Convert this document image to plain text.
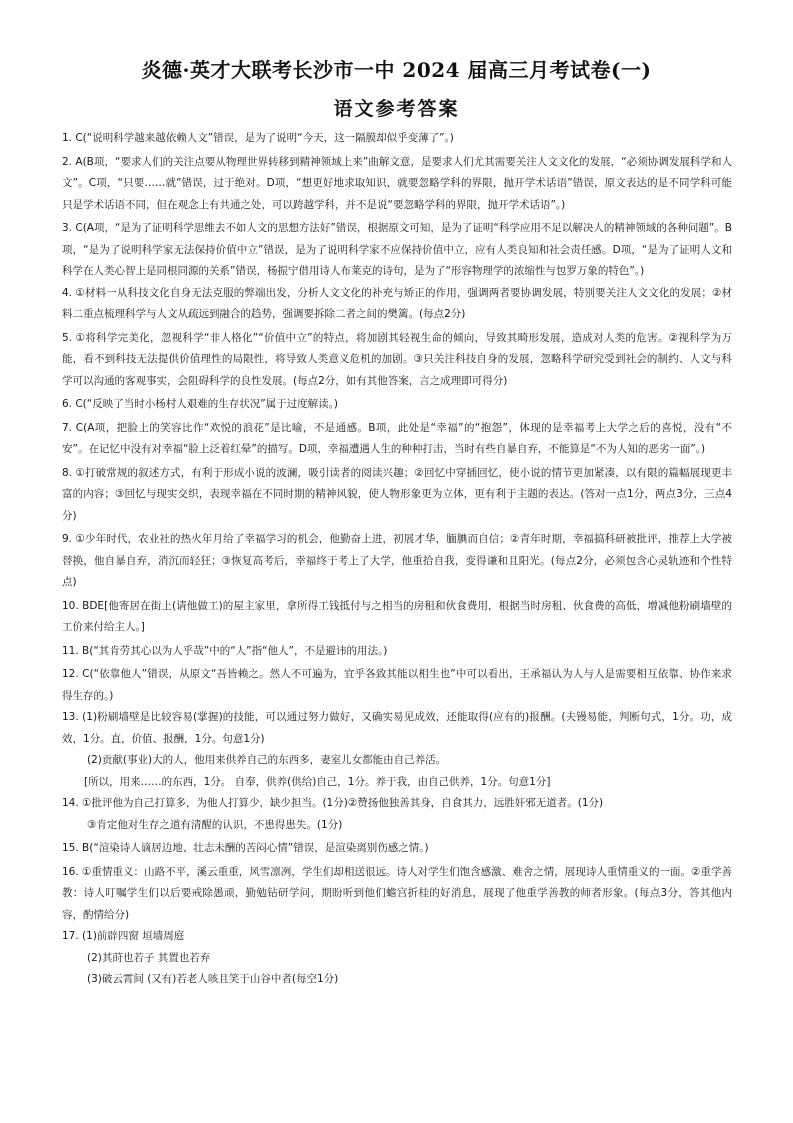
炎德·英才大联考长沙市一中 2024 届高三月考试卷(一)
语文参考答案

1. C(“说明科学越来越依赖人文”错误，是为了说明“今天，这一隔膜却似乎变薄了”。)

2. A(B项，“要求人们的关注点要从物理世界转移到精神领域上来”曲解文意，是要求人们尤其需要关注人文文化的发展，“必须协调发展科学和人文”。C项，“只要……就”错误，过于绝对。D项，“想更好地求取知识，就要忽略学科的界限，抛开学术话语”错误，原文表达的是不同学科可能只是学术话语不同，但在观念上有共通之处，可以跨越学科，并不是说“要忽略学科的界限，抛开学术话语”。)

3. C(A项，“是为了证明科学思维去不如人文的思想方法好”错误，根据原文可知，是为了证明“科学应用不足以解决人的精神领域的各种问题”。B项，“是为了说明科学家无法保持价值中立”错误，是为了说明科学家不应保持价值中立，应有人类良知和社会责任感。D项，“是为了证明人文和科学在人类心智上是同根同源的关系”错误，杨振宁借用诗人布莱克的诗句，是为了“形容物理学的浓缩性与包罗万象的特色”。)

4. ①材料一从科技文化自身无法克服的弊端出发，分析人文文化的补充与矫正的作用，强调两者要协调发展，特别要关注人文文化的发展；②材料二重点梳理科学与人文从疏远到融合的趋势，强调要拆除二者之间的樊篱。(每点2分)

5. ①将科学完美化，忽视科学“非人格化”“价值中立”的特点，将加剧其轻视生命的倾向，导致其畸形发展，造成对人类的危害。②视科学为万能，看不到科技无法提供价值理性的局限性，将导致人类意义危机的加剧。③只关注科技自身的发展，忽略科学研究受到社会的制约、人文与科学可以沟通的客观事实，会阻碍科学的良性发展。(每点2分，如有其他答案，言之成理即可得分)

6. C(“反映了当时小杨村人艰难的生存状况”属于过度解读。)

7. C(A项，把脸上的笑容比作“欢悦的浪花”是比喻，不是通感。B项，此处是“幸福”的“抱怨”，体现的是幸福考上大学之后的喜悦，没有“不安”。在记忆中没有对幸福“脸上泛着红晕”的描写。D项，幸福遭遇人生的种种打击，当时有些自暴自弃，不能算是“不为人知的恶劣一面”。)

8. ①打破常规的叙述方式，有利于形成小说的波澜，吸引读者的阅读兴趣；②回忆中穿插回忆，使小说的情节更加紧凑，以有限的篇幅展现更丰富的内容；③回忆与现实交织，表现幸福在不同时期的精神风貌，使人物形象更为立体，更有利于主题的表达。(答对一点1分，两点3分，三点4分)

9. ①少年时代，农业社的热火年月给了幸福学习的机会，他勤奋上进，初展才华，腼腆而自信；②青年时期，幸福搞科研被批评，推荐上大学被替换，他自暴自弃，消沉而轻狂；③恢复高考后，幸福终于考上了大学，他重拾自我，变得谦和且阳光。(每点2分，必须包含心灵轨迹和个性特点)

10. BDE[他寄居在街上(请他做工)的屋主家里，拿所得工钱抵付与之相当的房租和伙食费用，根据当时房租、伙食费的高低，增减他粉刷墙壁的工价来付给主人。]

11. B(“其肯劳其心以为人乎哉”中的“人”指“他人”，不是避讳的用法。)

12. C(“依靠他人”错误，从原文“吾皆赖之。然人不可遍为，宜乎各致其能以相生也”中可以看出，王承福认为人与人是需要相互依靠、协作来求得生存的。)

13. (1)粉刷墙壁是比较容易(掌握)的技能，可以通过努力做好，又确实易见成效，还能取得(应有的)报酬。(夫镘易能，判断句式，1分。功，成效，1分。直，价值、报酬，1分。句意1分)

(2)贡献(事业)大的人，他用来供养自己的东西多，妻室儿女都能由自己养活。

[所以，用来……的东西，1分。 自奉，供养(供给)自己，1分。养于我，由自己供养，1分。句意1分]

14. ①批评他为自己打算多，为他人打算少，缺少担当。(1分)②赞扬他独善其身，自食其力，远胜奸邪无道者。(1分)

③肯定他对生存之道有清醒的认识，不患得患失。(1分)

15. B(“渲染诗人谪居边地、壮志未酬的苦闷心情”错误，是渲染离别伤感之情。)

16. ①重情重义：山路不平，溪云重重，风雪凛冽，学生们却相送很远。诗人对学生们饱含感激、难舍之情，展现诗人重情重义的一面。②重学善教：诗人叮嘱学生们以后要戒除愚顽，勤勉钻研学问，期盼听到他们蟾宫折桂的好消息，展现了他重学善教的师者形象。(每点3分，答其他内容，酌情给分)

17. (1)前辟四窗 垣墙周庭

(2)其莳也若子 其置也若弃

(3)破云霄间 (又有)若老人咳且笑于山谷中者(每空1分)
